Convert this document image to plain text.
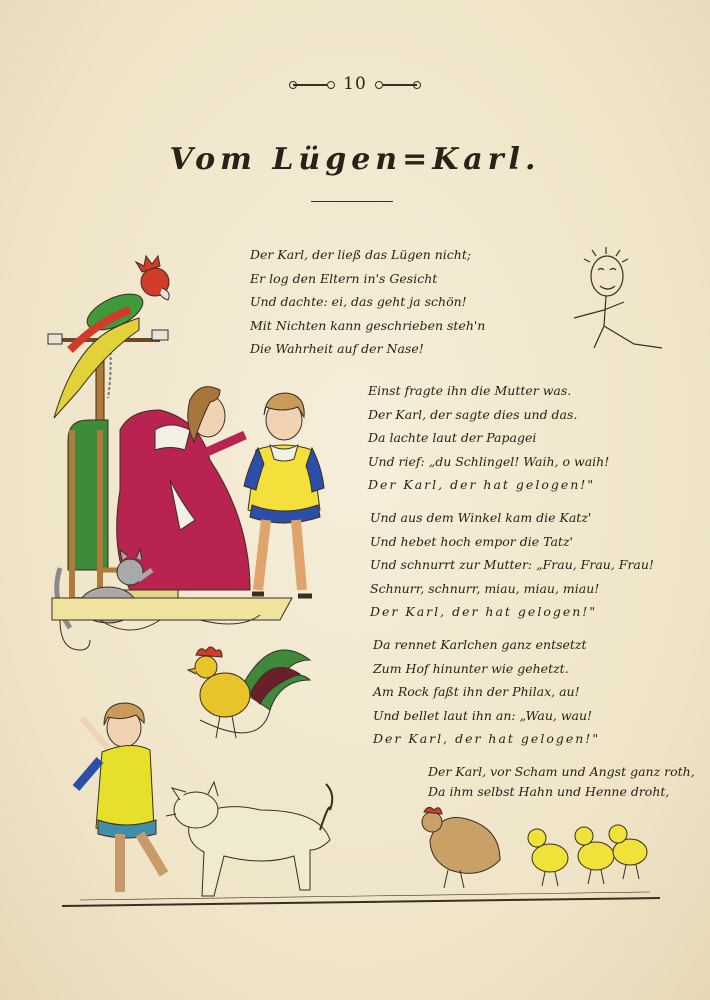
10
Vom Lügen=Karl.
Der Karl, der ließ das Lügen nicht;
Er log den Eltern in's Gesicht
Und dachte: ei, das geht ja schön!
Mit Nichten kann geschrieben steh'n
Die Wahrheit auf der Nase!
Einst fragte ihn die Mutter was.
Der Karl, der sagte dies und das.
Da lachte laut der Papagei
Und rief: „du Schlingel! Waih, o waih!
Der Karl, der hat gelogen!"
Und aus dem Winkel kam die Katz'
Und hebet hoch empor die Tatz'
Und schnurrt zur Mutter: „Frau, Frau, Frau!
Schnurr, schnurr, miau, miau, miau!
Der Karl, der hat gelogen!"
Da rennet Karlchen ganz entsetzt
Zum Hof hinunter wie gehetzt.
Am Rock faßt ihn der Philax, au!
Und bellet laut ihn an: „Wau, wau!
Der Karl, der hat gelogen!"
Der Karl, vor Scham und Angst ganz roth,
Da ihm selbst Hahn und Henne droht,
